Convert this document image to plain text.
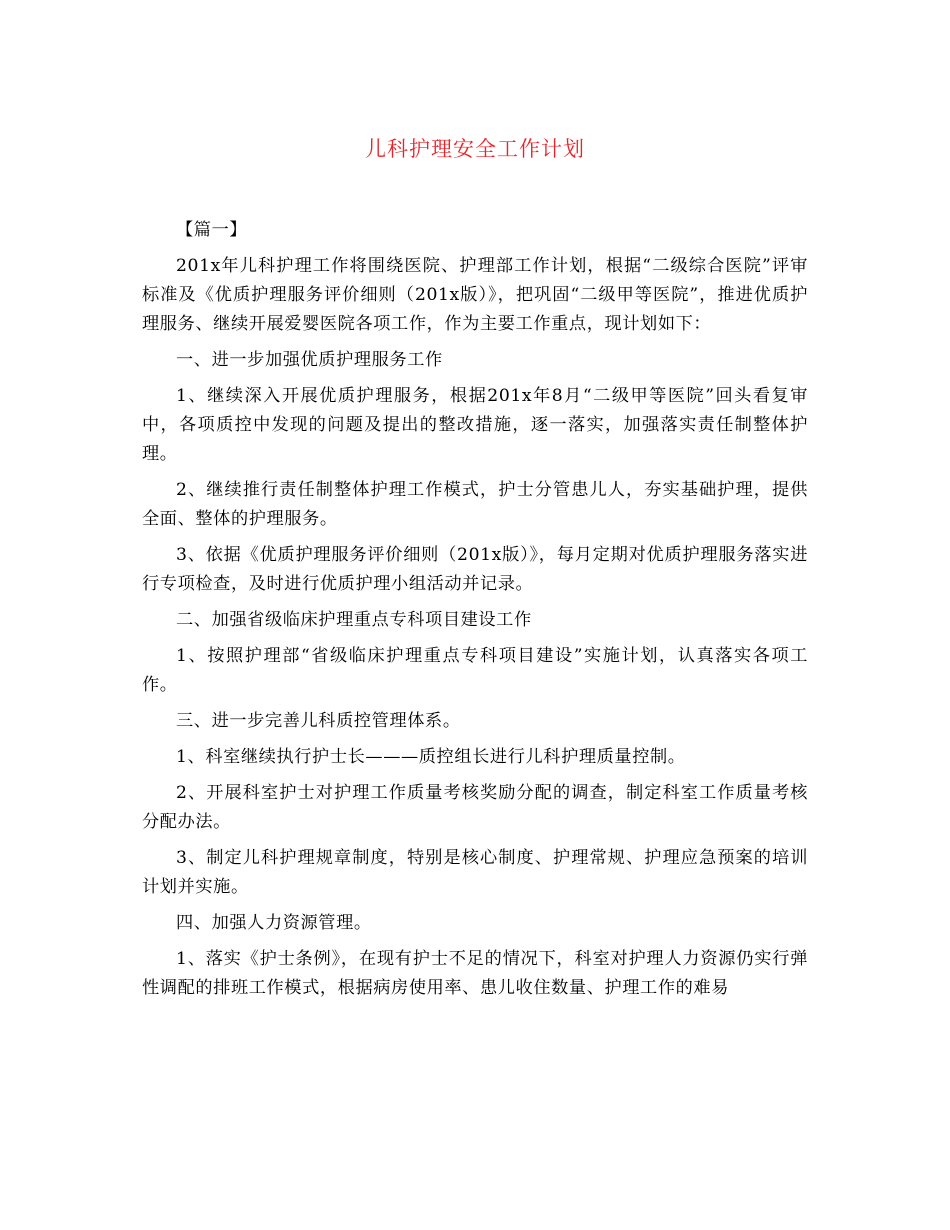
儿科护理安全工作计划

【篇一】

201x年儿科护理工作将围绕医院、护理部工作计划，根据“二级综合医院”评审标准及《优质护理服务评价细则（201x版）》，把巩固“二级甲等医院”，推进优质护理服务、继续开展爱婴医院各项工作，作为主要工作重点，现计划如下：

一、进一步加强优质护理服务工作

1、继续深入开展优质护理服务，根据201x年8月“二级甲等医院”回头看复审中，各项质控中发现的问题及提出的整改措施，逐一落实，加强落实责任制整体护理。

2、继续推行责任制整体护理工作模式，护士分管患儿人，夯实基础护理，提供全面、整体的护理服务。

3、依据《优质护理服务评价细则（201x版）》，每月定期对优质护理服务落实进行专项检查，及时进行优质护理小组活动并记录。

二、加强省级临床护理重点专科项目建设工作

1、按照护理部“省级临床护理重点专科项目建设”实施计划，认真落实各项工作。

三、进一步完善儿科质控管理体系。

1、科室继续执行护士长———质控组长进行儿科护理质量控制。

2、开展科室护士对护理工作质量考核奖励分配的调查，制定科室工作质量考核分配办法。

3、制定儿科护理规章制度，特别是核心制度、护理常规、护理应急预案的培训计划并实施。

四、加强人力资源管理。

1、落实《护士条例》，在现有护士不足的情况下，科室对护理人力资源仍实行弹性调配的排班工作模式，根据病房使用率、患儿收住数量、护理工作的难易
